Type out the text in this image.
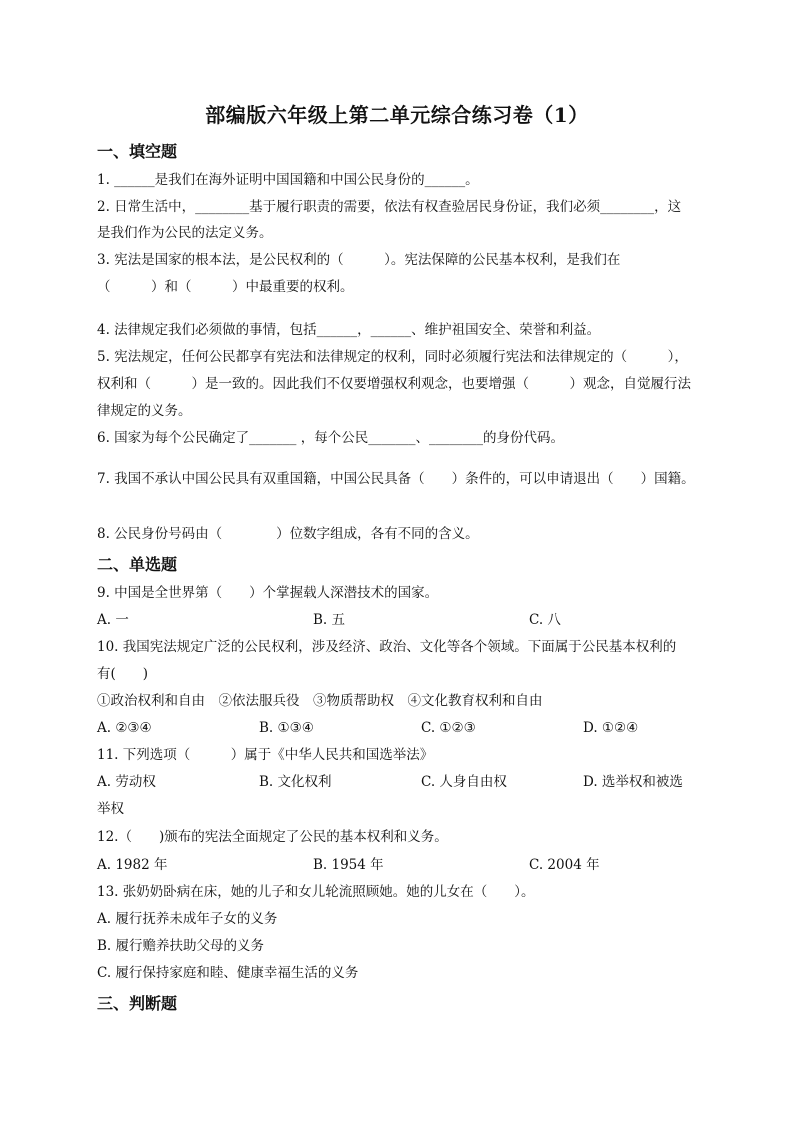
部编版六年级上第二单元综合练习卷（1）
一、填空题
1. ______是我们在海外证明中国国籍和中国公民身份的______。
2. 日常生活中，________基于履行职责的需要，依法有权查验居民身份证，我们必须________，这
是我们作为公民的法定义务。
3. 宪法是国家的根本法，是公民权利的（　　　）。宪法保障的公民基本权利，是我们在
（　　　）和（　　　）中最重要的权利。
4. 法律规定我们必须做的事情，包括______，______、维护祖国安全、荣誉和利益。
5. 宪法规定，任何公民都享有宪法和法律规定的权利，同时必须履行宪法和法律规定的（　　　），
权利和（　　　）是一致的。因此我们不仅要增强权利观念，也要增强（　　　）观念，自觉履行法
律规定的义务。
6. 国家为每个公民确定了_______ ，每个公民_______、________的身份代码。
7. 我国不承认中国公民具有双重国籍，中国公民具备（　　）条件的，可以申请退出（　　）国籍。
8. 公民身份号码由（　　　　）位数字组成，各有不同的含义。
二、单选题
9. 中国是全世界第（　　）个掌握载人深潜技术的国家。
A. 一	B. 五	C. 八
10. 我国宪法规定广泛的公民权利，涉及经济、政治、文化等各个领域。下面属于公民基本权利的
有(　　)
①政治权利和自由　②依法服兵役　③物质帮助权　④文化教育权利和自由
A. ②③④	B. ①③④	C. ①②③	D. ①②④
11. 下列选项（　　　）属于《中华人民共和国选举法》
A. 劳动权	B. 文化权利	C. 人身自由权	D. 选举权和被选
举权
12.（　　)颁布的宪法全面规定了公民的基本权利和义务。
A. 1982 年	B. 1954 年	C. 2004 年
13. 张奶奶卧病在床，她的儿子和女儿轮流照顾她。她的儿女在（　　）。
A. 履行抚养未成年子女的义务
B. 履行赡养扶助父母的义务
C. 履行保持家庭和睦、健康幸福生活的义务
三、判断题
